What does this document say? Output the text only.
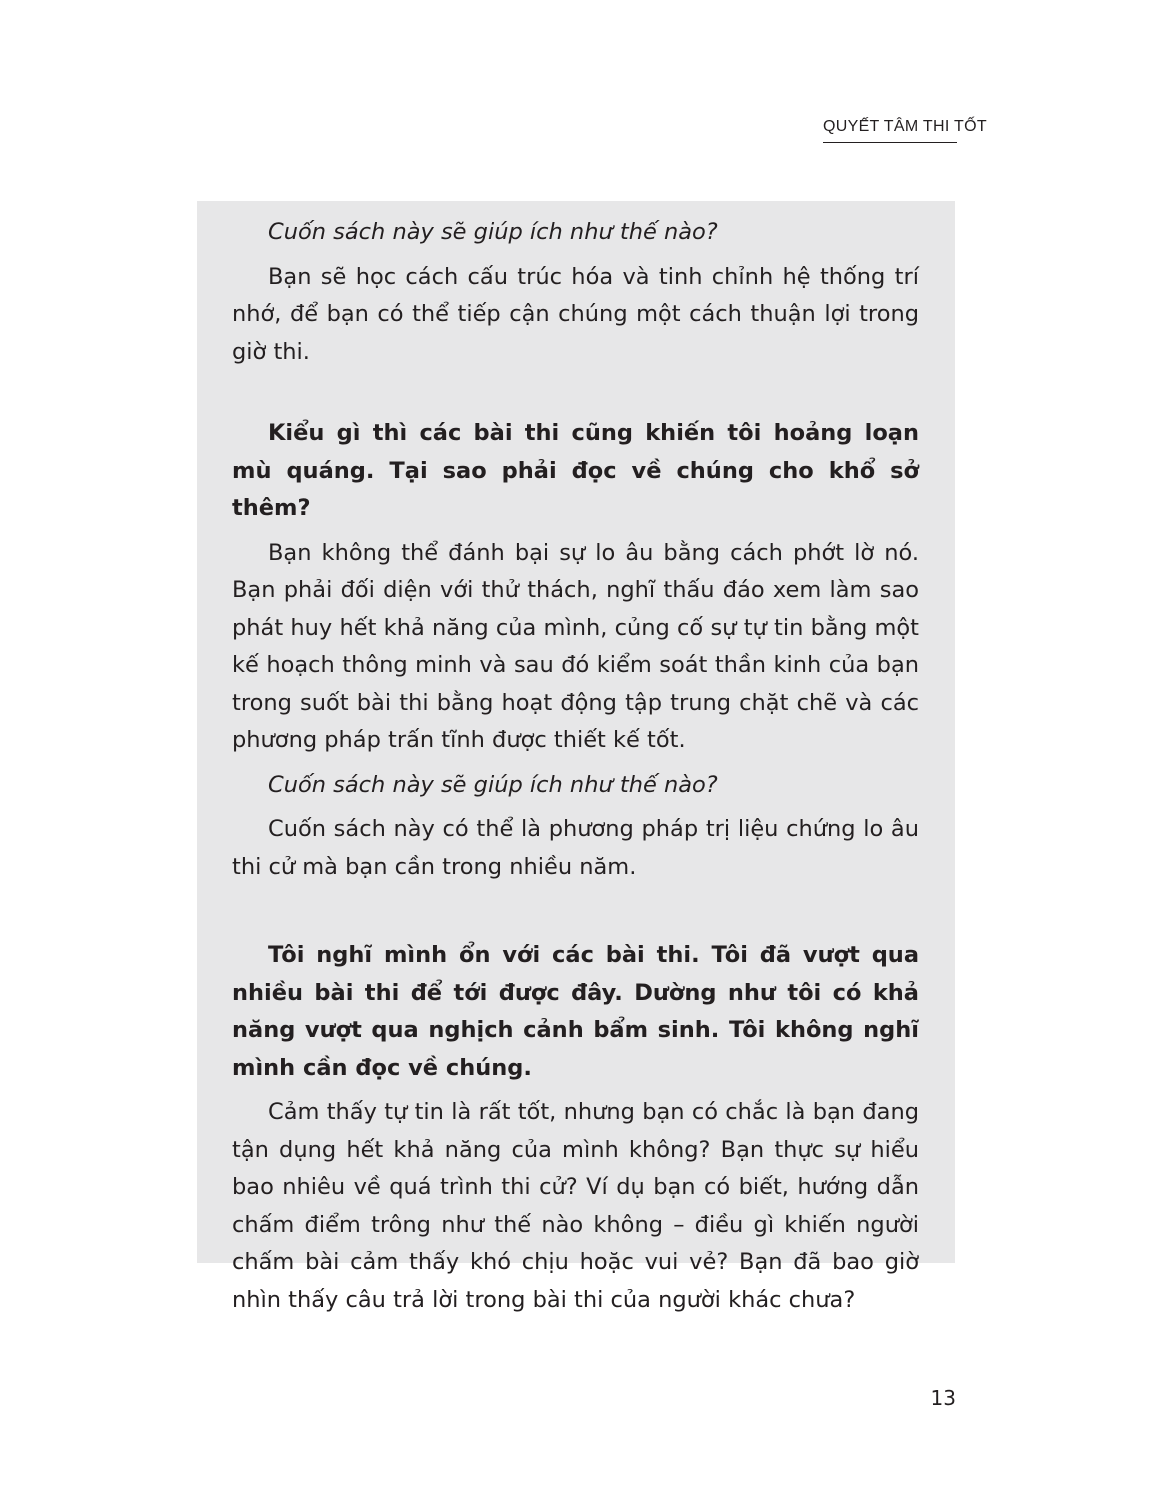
QUYẾT TÂM THI TỐT

Cuốn sách này sẽ giúp ích như thế nào?

Bạn sẽ học cách cấu trúc hóa và tinh chỉnh hệ thống trí nhớ, để bạn có thể tiếp cận chúng một cách thuận lợi trong giờ thi.

Kiểu gì thì các bài thi cũng khiến tôi hoảng loạn mù quáng. Tại sao phải đọc về chúng cho khổ sở thêm?

Bạn không thể đánh bại sự lo âu bằng cách phớt lờ nó. Bạn phải đối diện với thử thách, nghĩ thấu đáo xem làm sao phát huy hết khả năng của mình, củng cố sự tự tin bằng một kế hoạch thông minh và sau đó kiểm soát thần kinh của bạn trong suốt bài thi bằng hoạt động tập trung chặt chẽ và các phương pháp trấn tĩnh được thiết kế tốt.

Cuốn sách này sẽ giúp ích như thế nào?

Cuốn sách này có thể là phương pháp trị liệu chứng lo âu thi cử mà bạn cần trong nhiều năm.

Tôi nghĩ mình ổn với các bài thi. Tôi đã vượt qua nhiều bài thi để tới được đây. Dường như tôi có khả năng vượt qua nghịch cảnh bẩm sinh. Tôi không nghĩ mình cần đọc về chúng.

Cảm thấy tự tin là rất tốt, nhưng bạn có chắc là bạn đang tận dụng hết khả năng của mình không? Bạn thực sự hiểu bao nhiêu về quá trình thi cử? Ví dụ bạn có biết, hướng dẫn chấm điểm trông như thế nào không – điều gì khiến người chấm bài cảm thấy khó chịu hoặc vui vẻ? Bạn đã bao giờ nhìn thấy câu trả lời trong bài thi của người khác chưa?

13
